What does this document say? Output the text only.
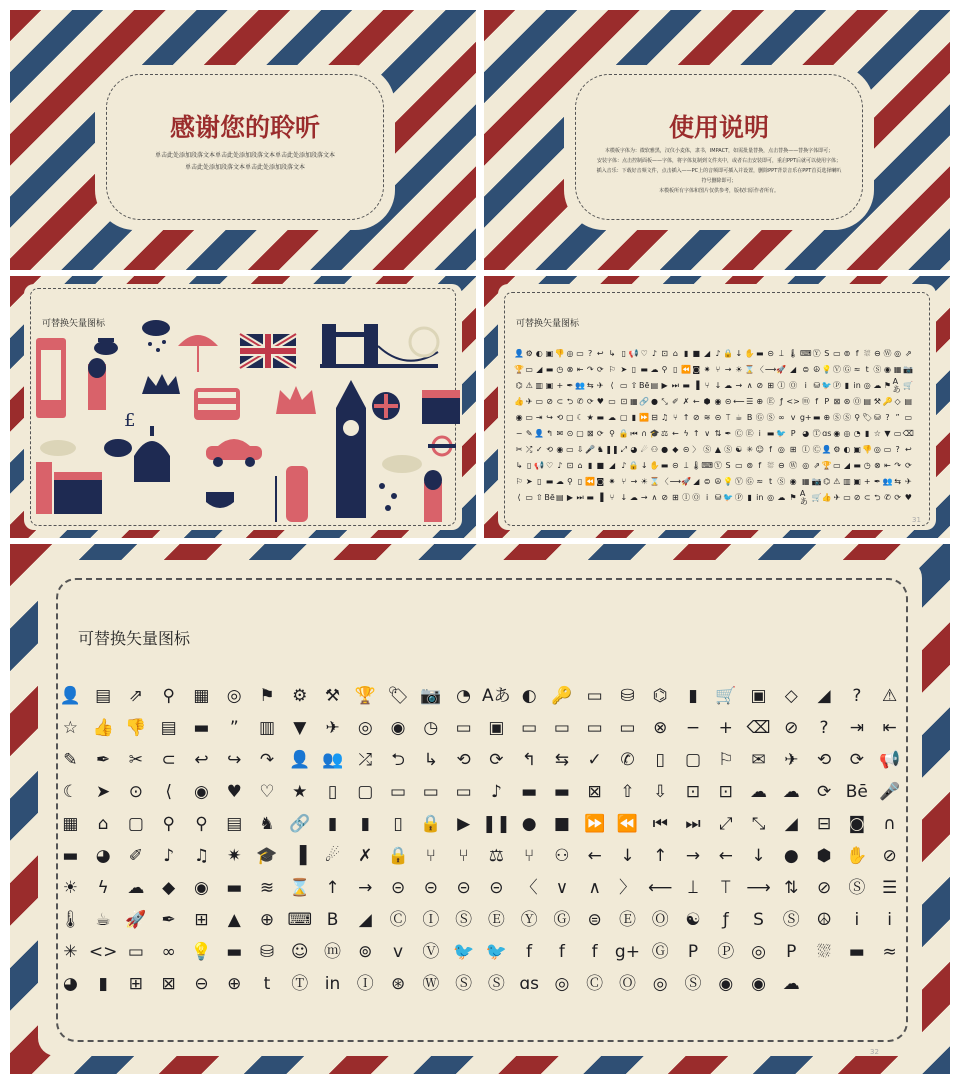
感谢您的聆听
单击此处添加段落文本单击此处添加段落文本单击此处添加段落文本
单击此处添加段落文本单击此处添加段落文本
使用说明
本模板字体为：微软雅黑，汉仪小麦体，隶书，IMPACT，如需批量替换，点击替换——替换字体即可；
安装字体：点击控制面板——字体，将字体复制到文件夹中，或者右击安装即可，重启PPT后就可以使用字体；
插入音乐：下载好音频文件，点击插入——PC上的音频即可插入并设置，删除PPT背景音乐在PPT首页选择喇叭
符号删除即可；
本模板所有字体和图片仅供参考，版权归原作者所有。
可替换矢量图标
£
可替换矢量图标
👤 ⚙ ◐ ▣ 👎 ◎ ▭ ? ↩ ↳ ▯ 📢 ♡ ♪ ⊡ ⌂ ▮ ■ ◢ ♪ 🔒 ↓ ✋ ▬ ⊝ ⟘ 🌡 ⌨ Ⓨ S ▭ ⊚ f ⛆ ⊖ Ⓦ ◎ ⇗
🏆 ▭ ◢ ▬ ◷ ⊗ ⇤ ↷ ⟳ ⚐ ➤ ▯ ▬ ☁ ⚲ ▯ ⏪ ◙ ✷ ⑂ → ☀ ⌛ 〈 ⟶ 🚀 ◢ ⊜ ☮ 💡 Ⓥ Ⓖ ≈ t Ⓢ ◉ ▦ 📷
⌬ ⚠ ▥ ▣ + ✒ 👥 ⇆ ✈ ⟨ ▭ ⇧ Bē ▤ ▶ ⏭ ▬ ▐ ⑂ ↓ ☁ → ∧ ⊘ ⊞ Ⓘ Ⓞ i ⛁ 🐦 Ⓟ ▮ in ◎ ☁ ⚑ Aあ 🛒
👍 ✈ ▭ ⊘ ⊂ ⮌ ✆ ⟳ ♥ ▭ ⊡ ▦ 🔗 ● ⤡ ✐ ✗ ← ⬢ ◉ ⊝ ⟵ ☰ ⊕ Ⓔ ƒ <> ⓜ f P ⊠ ⊛ Ⓞ ▤ ⚒ 🔑 ◇ ▤
◉ ▭ ⇥ ↪ ⟲ ▢ ☾ ★ ▬ ☁ ▢ ▮ ⏩ ⊟ ♫ ⑂ ↑ ⊘ ≋ ⊝ ⟙ ☕ B Ⓖ Ⓢ ∞ v g+ ▬ ⊕ Ⓢ Ⓢ ⚲ 🏷 ⛁ ? ” ▭
− ✎ 👤 ↰ ✉ ⊙ ▢ ⊠ ⟳ ⚲ 🔒 ⏮ ∩ 🎓 ⚖ ← ϟ ↑ ∨ ⇅ ✒ Ⓒ Ⓔ i ▬ 🐦 P ◕ Ⓣ ɑs ◉ ◎ ◔ ▮ ☆ ▼ ▭ ⌫
✂ ⤮ ✓ ⟲ ◉ ▭ ⇩ 🎤 ♞ ❚❚ ⤢ ◕ ☄ ⚇ ● ◆ ⊝ 〉 Ⓢ ▲ Ⓢ ☯ ✳ ☺ f ◎ ⊞ Ⓘ Ⓒ 👤 ⚙ ◐ ▣ 👎 ◎ ▭ ? ↩
↳ ▯ 📢 ♡ ♪ ⊡ ⌂ ▮ ■ ◢ ♪ 🔒 ↓ ✋ ▬ ⊝ ⟘ 🌡 ⌨ Ⓨ S ▭ ⊚ f ⛆ ⊖ Ⓦ ◎ ⇗ 🏆 ▭ ◢ ▬ ◷ ⊗ ⇤ ↷ ⟳
⚐ ➤ ▯ ▬ ☁ ⚲ ▯ ⏪ ◙ ✷ ⑂ → ☀ ⌛ 〈 ⟶ 🚀 ◢ ⊜ ☮ 💡 Ⓥ Ⓖ ≈ t Ⓢ ◉ ▦ 📷 ⌬ ⚠ ▥ ▣ + ✒ 👥 ⇆ ✈
⟨ ▭ ⇧ Bē ▤ ▶ ⏭ ▬ ▐ ⑂ ↓ ☁ → ∧ ⊘ ⊞ Ⓘ Ⓞ i ⛁ 🐦 Ⓟ ▮ in ◎ ☁ ⚑ Aあ 🛒 👍 ✈ ▭ ⊘ ⊂ ⮌ ✆ ⟳ ♥
31
可替换矢量图标
👤 ▤ ⇗ ⚲ ▦ ◎ ⚑ ⚙ ⚒ 🏆 🏷 📷 ◔ Aあ ◐ 🔑 ▭ ⛁ ⌬ ▮ 🛒 ▣ ◇ ◢ ? ⚠
☆ 👍 👎 ▤ ▬ ” ▥ ▼ ✈ ◎ ◉ ◷ ▭ ▣ ▭ ▭ ▭ ▭ ⊗ − + ⌫ ⊘ ? ⇥ ⇤
✎ ✒ ✂ ⊂ ↩ ↪ ↷ 👤 👥 ⤮ ⮌ ↳ ⟲ ⟳ ↰ ⇆ ✓ ✆ ▯ ▢ ⚐ ✉ ✈ ⟲ ⟳ 📢
☾ ➤ ⊙ ⟨ ◉ ♥ ♡ ★ ▯ ▢ ▭ ▭ ▭ ♪ ▬ ▬ ⊠ ⇧ ⇩ ⊡ ⊡ ☁ ☁ ⟳ Bē 🎤
▦ ⌂ ▢ ⚲ ⚲ ▤ ♞ 🔗 ▮ ▮ ▯ 🔒 ▶ ❚❚ ● ■ ⏩ ⏪ ⏮ ⏭ ⤢ ⤡ ◢ ⊟ ◙ ∩
▬ ◕ ✐ ♪ ♫ ✷ 🎓 ▐ ☄ ✗ 🔒 ⑂ ⑂ ⚖ ⑂ ⚇ ← ↓ ↑ → ← ↓ ● ⬢ ✋ ⊘
☀ ϟ ☁ ◆ ◉ ▬ ≋ ⌛ ↑ → ⊝ ⊝ ⊝ ⊝ 〈 ∨ ∧ 〉 ⟵ ⟘ ⟙ ⟶ ⇅ ⊘ Ⓢ ☰
🌡 ☕ 🚀 ✒ ⊞ ▲ ⊕ ⌨ B ◢ Ⓒ Ⓘ Ⓢ Ⓔ Ⓨ Ⓖ ⊜ Ⓔ Ⓞ ☯ ƒ S Ⓢ ☮ i i
✳ <> ▭ ∞ 💡 ▬ ⛁ ☺ ⓜ ⊚ v Ⓥ 🐦 🐦 f f f g+ Ⓖ P Ⓟ ◎ P ⛆ ▬ ≈
◕ ▮ ⊞ ⊠ ⊖ ⊕ t Ⓣ in Ⓘ ⊛ Ⓦ Ⓢ Ⓢ ɑs ◎ Ⓒ Ⓞ ◎ Ⓢ ◉ ◉ ☁
32
